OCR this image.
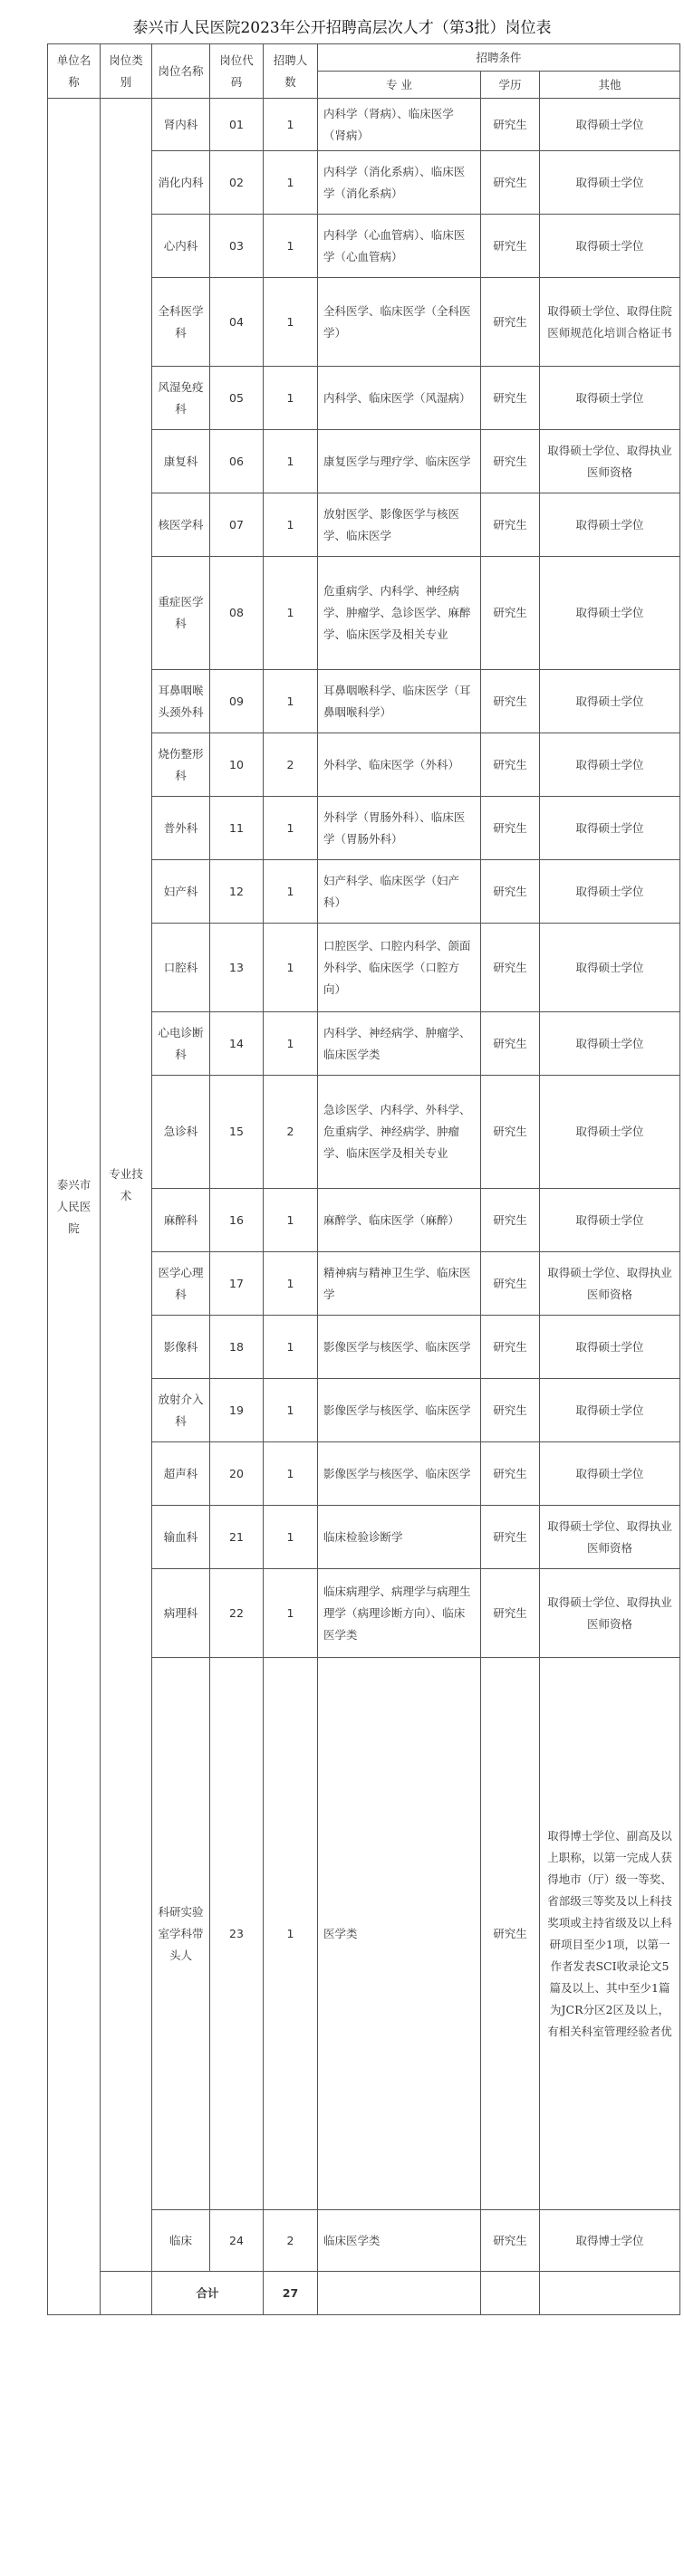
泰兴市人民医院2023年公开招聘高层次人才（第3批）岗位表
单位名称	岗位类别	岗位名称	岗位代码	招聘人数	招聘条件		
					专 业	学历	其他
泰兴市人民医院	专业技术	肾内科	01	1	内科学（肾病）、临床医学（肾病）	研究生	取得硕士学位
		消化内科	02	1	内科学（消化系病）、临床医学（消化系病）	研究生	取得硕士学位
		心内科	03	1	内科学（心血管病）、临床医学（心血管病）	研究生	取得硕士学位
		全科医学科	04	1	全科医学、临床医学（全科医学）	研究生	取得硕士学位、取得住院医师规范化培训合格证书
		风湿免疫科	05	1	内科学、临床医学（风湿病）	研究生	取得硕士学位
		康复科	06	1	康复医学与理疗学、临床医学	研究生	取得硕士学位、取得执业医师资格
		核医学科	07	1	放射医学、影像医学与核医学、临床医学	研究生	取得硕士学位
		重症医学科	08	1	危重病学、内科学、神经病学、肿瘤学、急诊医学、麻醉学、临床医学及相关专业	研究生	取得硕士学位
		耳鼻咽喉头颈外科	09	1	耳鼻咽喉科学、临床医学（耳鼻咽喉科学）	研究生	取得硕士学位
		烧伤整形科	10	2	外科学、临床医学（外科）	研究生	取得硕士学位
		普外科	11	1	外科学（胃肠外科）、临床医学（胃肠外科）	研究生	取得硕士学位
		妇产科	12	1	妇产科学、临床医学（妇产科）	研究生	取得硕士学位
		口腔科	13	1	口腔医学、口腔内科学、颌面外科学、临床医学（口腔方向）	研究生	取得硕士学位
		心电诊断科	14	1	内科学、神经病学、肿瘤学、临床医学类	研究生	取得硕士学位
		急诊科	15	2	急诊医学、内科学、外科学、危重病学、神经病学、肿瘤学、临床医学及相关专业	研究生	取得硕士学位
		麻醉科	16	1	麻醉学、临床医学（麻醉）	研究生	取得硕士学位
		医学心理科	17	1	精神病与精神卫生学、临床医学	研究生	取得硕士学位、取得执业医师资格
		影像科	18	1	影像医学与核医学、临床医学	研究生	取得硕士学位
		放射介入科	19	1	影像医学与核医学、临床医学	研究生	取得硕士学位
		超声科	20	1	影像医学与核医学、临床医学	研究生	取得硕士学位
		输血科	21	1	临床检验诊断学	研究生	取得硕士学位、取得执业医师资格
		病理科	22	1	临床病理学、病理学与病理生理学（病理诊断方向）、临床医学类	研究生	取得硕士学位、取得执业医师资格
		科研实验室学科带头人	23	1	医学类	研究生	取得博士学位、副高及以上职称，以第一完成人获得地市（厅）级一等奖、省部级三等奖及以上科技奖项或主持省级及以上科研项目至少1项，以第一作者发表SCI收录论文5篇及以上、其中至少1篇为JCR分区2区及以上，有相关科室管理经验者优
		临床	24	2	临床医学类	研究生	取得博士学位
		合计		27			
